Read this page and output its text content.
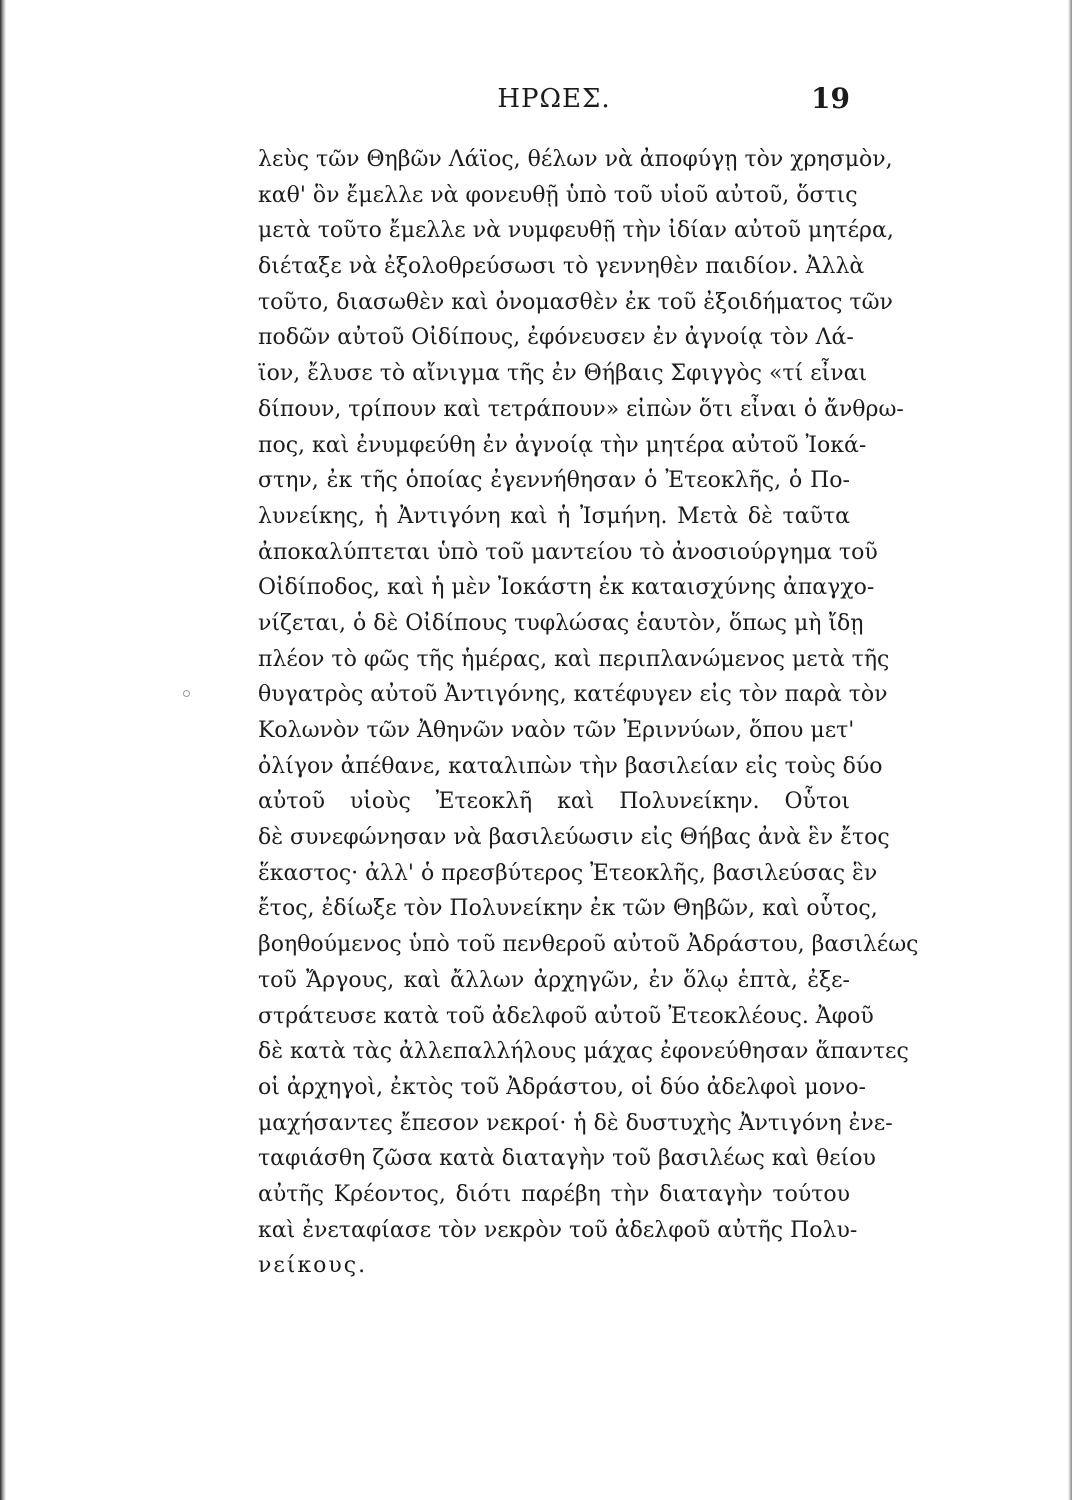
ΗΡΩΕΣ.	19
λεὺς τῶν Θηβῶν Λάϊος, θέλων νὰ ἀποφύγῃ τὸν χρησμὸν,
καθ' ὃν ἔμελλε νὰ φονευθῇ ὑπὸ τοῦ υἱοῦ αὐτοῦ, ὅστις
μετὰ τοῦτο ἔμελλε νὰ νυμφευθῇ τὴν ἰδίαν αὐτοῦ μητέρα,
διέταξε νὰ ἐξολοθρεύσωσι τὸ γεννηθὲν παιδίον. Ἀλλὰ
τοῦτο, διασωθὲν καὶ ὀνομασθὲν ἐκ τοῦ ἐξοιδήματος τῶν
ποδῶν αὐτοῦ Οἰδίπους, ἐφόνευσεν ἐν ἀγνοίᾳ τὸν Λά-
ϊον, ἔλυσε τὸ αἴνιγμα τῆς ἐν Θήβαις Σφιγγὸς «τί εἶναι
δίπουν, τρίπουν καὶ τετράπουν» εἰπὼν ὅτι εἶναι ὁ ἄνθρω-
πος, καὶ ἐνυμφεύθη ἐν ἀγνοίᾳ τὴν μητέρα αὐτοῦ Ἰοκά-
στην, ἐκ τῆς ὁποίας ἐγεννήθησαν ὁ Ἐτεοκλῆς, ὁ Πο-
λυνείκης, ἡ Ἀντιγόνη καὶ ἡ Ἰσμήνη. Μετὰ δὲ ταῦτα
ἀποκαλύπτεται ὑπὸ τοῦ μαντείου τὸ ἀνοσιούργημα τοῦ
Οἰδίποδος, καὶ ἡ μὲν Ἰοκάστη ἐκ καταισχύνης ἀπαγχο-
νίζεται, ὁ δὲ Οἰδίπους τυφλώσας ἑαυτὸν, ὅπως μὴ ἴδῃ
πλέον τὸ φῶς τῆς ἡμέρας, καὶ περιπλανώμενος μετὰ τῆς
θυγατρὸς αὐτοῦ Ἀντιγόνης, κατέφυγεν εἰς τὸν παρὰ τὸν
Κολωνὸν τῶν Ἀθηνῶν ναὸν τῶν Ἐριννύων, ὅπου μετ'
ὀλίγον ἀπέθανε, καταλιπὼν τὴν βασιλείαν εἰς τοὺς δύο
αὐτοῦ υἱοὺς Ἐτεοκλῆ καὶ Πολυνείκην. Οὗτοι
δὲ συνεφώνησαν νὰ βασιλεύωσιν εἰς Θήβας ἀνὰ ἓν ἔτος
ἕκαστος· ἀλλ' ὁ πρεσβύτερος Ἐτεοκλῆς, βασιλεύσας ἓν
ἔτος, ἐδίωξε τὸν Πολυνείκην ἐκ τῶν Θηβῶν, καὶ οὗτος,
βοηθούμενος ὑπὸ τοῦ πενθεροῦ αὐτοῦ Ἀδράστου, βασιλέως
τοῦ Ἄργους, καὶ ἄλλων ἀρχηγῶν, ἐν ὅλῳ ἑπτὰ, ἐξε-
στράτευσε κατὰ τοῦ ἀδελφοῦ αὐτοῦ Ἐτεοκλέους. Ἀφοῦ
δὲ κατὰ τὰς ἀλλεπαλλήλους μάχας ἐφονεύθησαν ἅπαντες
οἱ ἀρχηγοὶ, ἐκτὸς τοῦ Ἀδράστου, οἱ δύο ἀδελφοὶ μονο-
μαχήσαντες ἔπεσον νεκροί· ἡ δὲ δυστυχὴς Ἀντιγόνη ἐνε-
ταφιάσθη ζῶσα κατὰ διαταγὴν τοῦ βασιλέως καὶ θείου
αὐτῆς Κρέοντος, διότι παρέβη τὴν διαταγὴν τούτου
καὶ ἐνεταφίασε τὸν νεκρὸν τοῦ ἀδελφοῦ αὐτῆς Πολυ-
νείκους.
